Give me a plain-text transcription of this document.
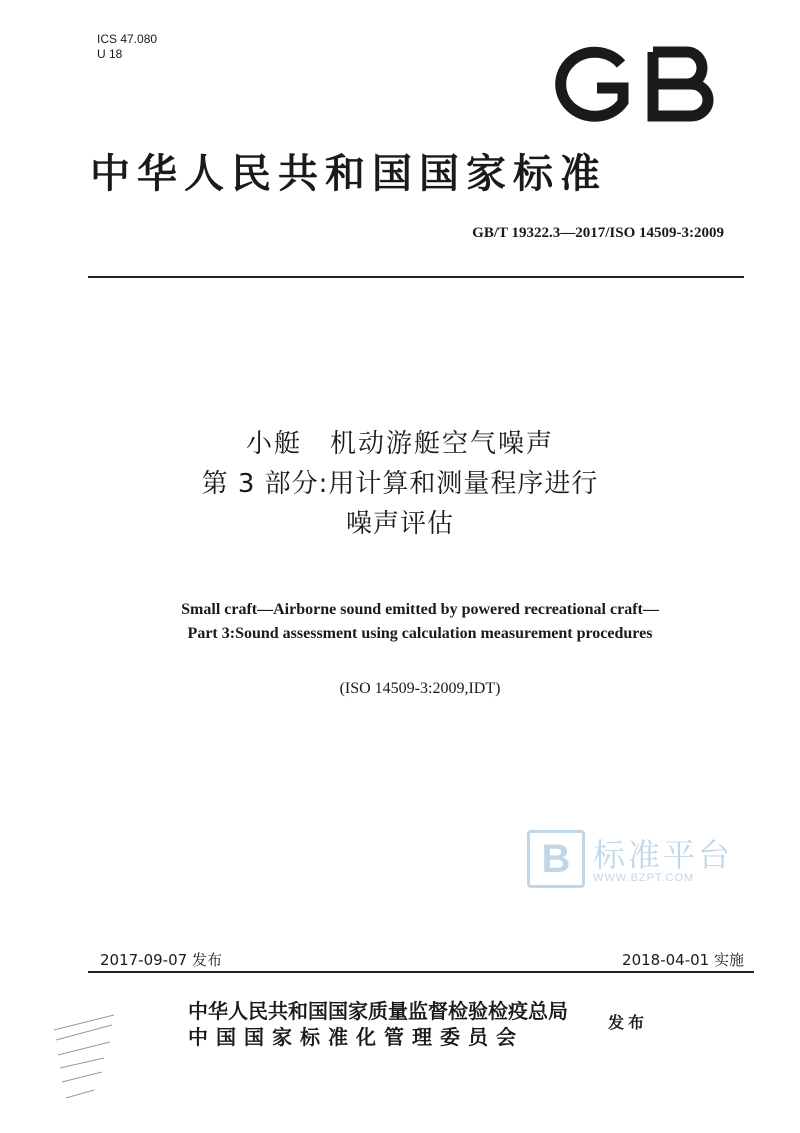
ICS 47.080
U 18
中华人民共和国国家标准
GB/T 19322.3—2017/ISO 14509-3:2009
小艇　机动游艇空气噪声
第 3 部分:用计算和测量程序进行
噪声评估
Small craft—Airborne sound emitted by powered recreational craft—
Part 3:Sound assessment using calculation measurement procedures
(ISO 14509-3:2009,IDT)
B 标准平台
WWW.BZPT.COM
2017-09-07 发布	2018-04-01 实施
中华人民共和国国家质量监督检验检疫总局
中国国家标准化管理委员会
发布
